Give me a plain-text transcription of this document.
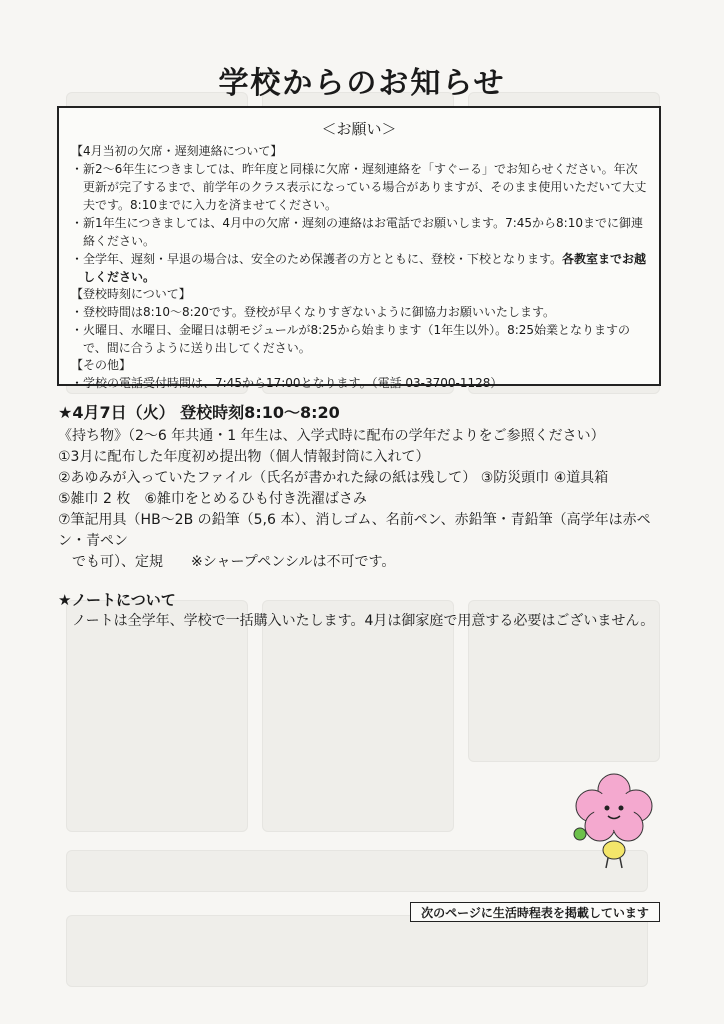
学校からのお知らせ
＜お願い＞
【4月当初の欠席・遅刻連絡について】
・新2～6年生につきましては、昨年度と同様に欠席・遅刻連絡を「すぐーる」でお知らせください。年次更新が完了するまで、前学年のクラス表示になっている場合がありますが、そのまま使用いただいて大丈夫です。8:10までに入力を済ませてください。
・新1年生につきましては、4月中の欠席・遅刻の連絡はお電話でお願いします。7:45から8:10までに御連絡ください。
・全学年、遅刻・早退の場合は、安全のため保護者の方とともに、登校・下校となります。各教室までお越しください。
【登校時刻について】
・登校時間は8:10～8:20です。登校が早くなりすぎないように御協力お願いいたします。
・火曜日、水曜日、金曜日は朝モジュールが8:25から始まります（1年生以外）。8:25始業となりますので、間に合うように送り出してください。
【その他】
・学校の電話受付時間は、7:45から17:00となります。（電話 03-3700-1128）
★4月7日（火） 登校時刻8:10～8:20
《持ち物》（2～6 年共通・1 年生は、入学式時に配布の学年だよりをご参照ください）
①3月に配布した年度初め提出物（個人情報封筒に入れて）
②あゆみが入っていたファイル（氏名が書かれた緑の紙は残して） ③防災頭巾 ④道具箱
⑤雑巾 2 枚　⑥雑巾をとめるひも付き洗濯ばさみ
⑦筆記用具（HB～2B の鉛筆（5,6 本）、消しゴム、名前ペン、赤鉛筆・青鉛筆（高学年は赤ペン・青ペン
　でも可）、定規　　※シャープペンシルは不可です。
★ノートについて
ノートは全学年、学校で一括購入いたします。4月は御家庭で用意する必要はございません。
次のページに生活時程表を掲載しています
